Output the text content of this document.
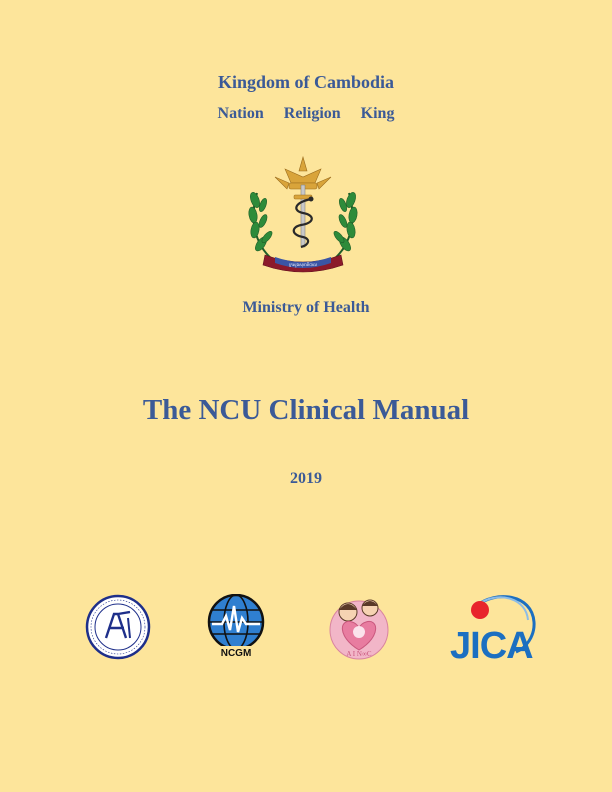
Kingdom of Cambodia
Nation Religion King
ក្រសួងសុខាភិបាល
Ministry of Health
The NCU Clinical Manual
2019
NCGM	A I N∞C JICA
